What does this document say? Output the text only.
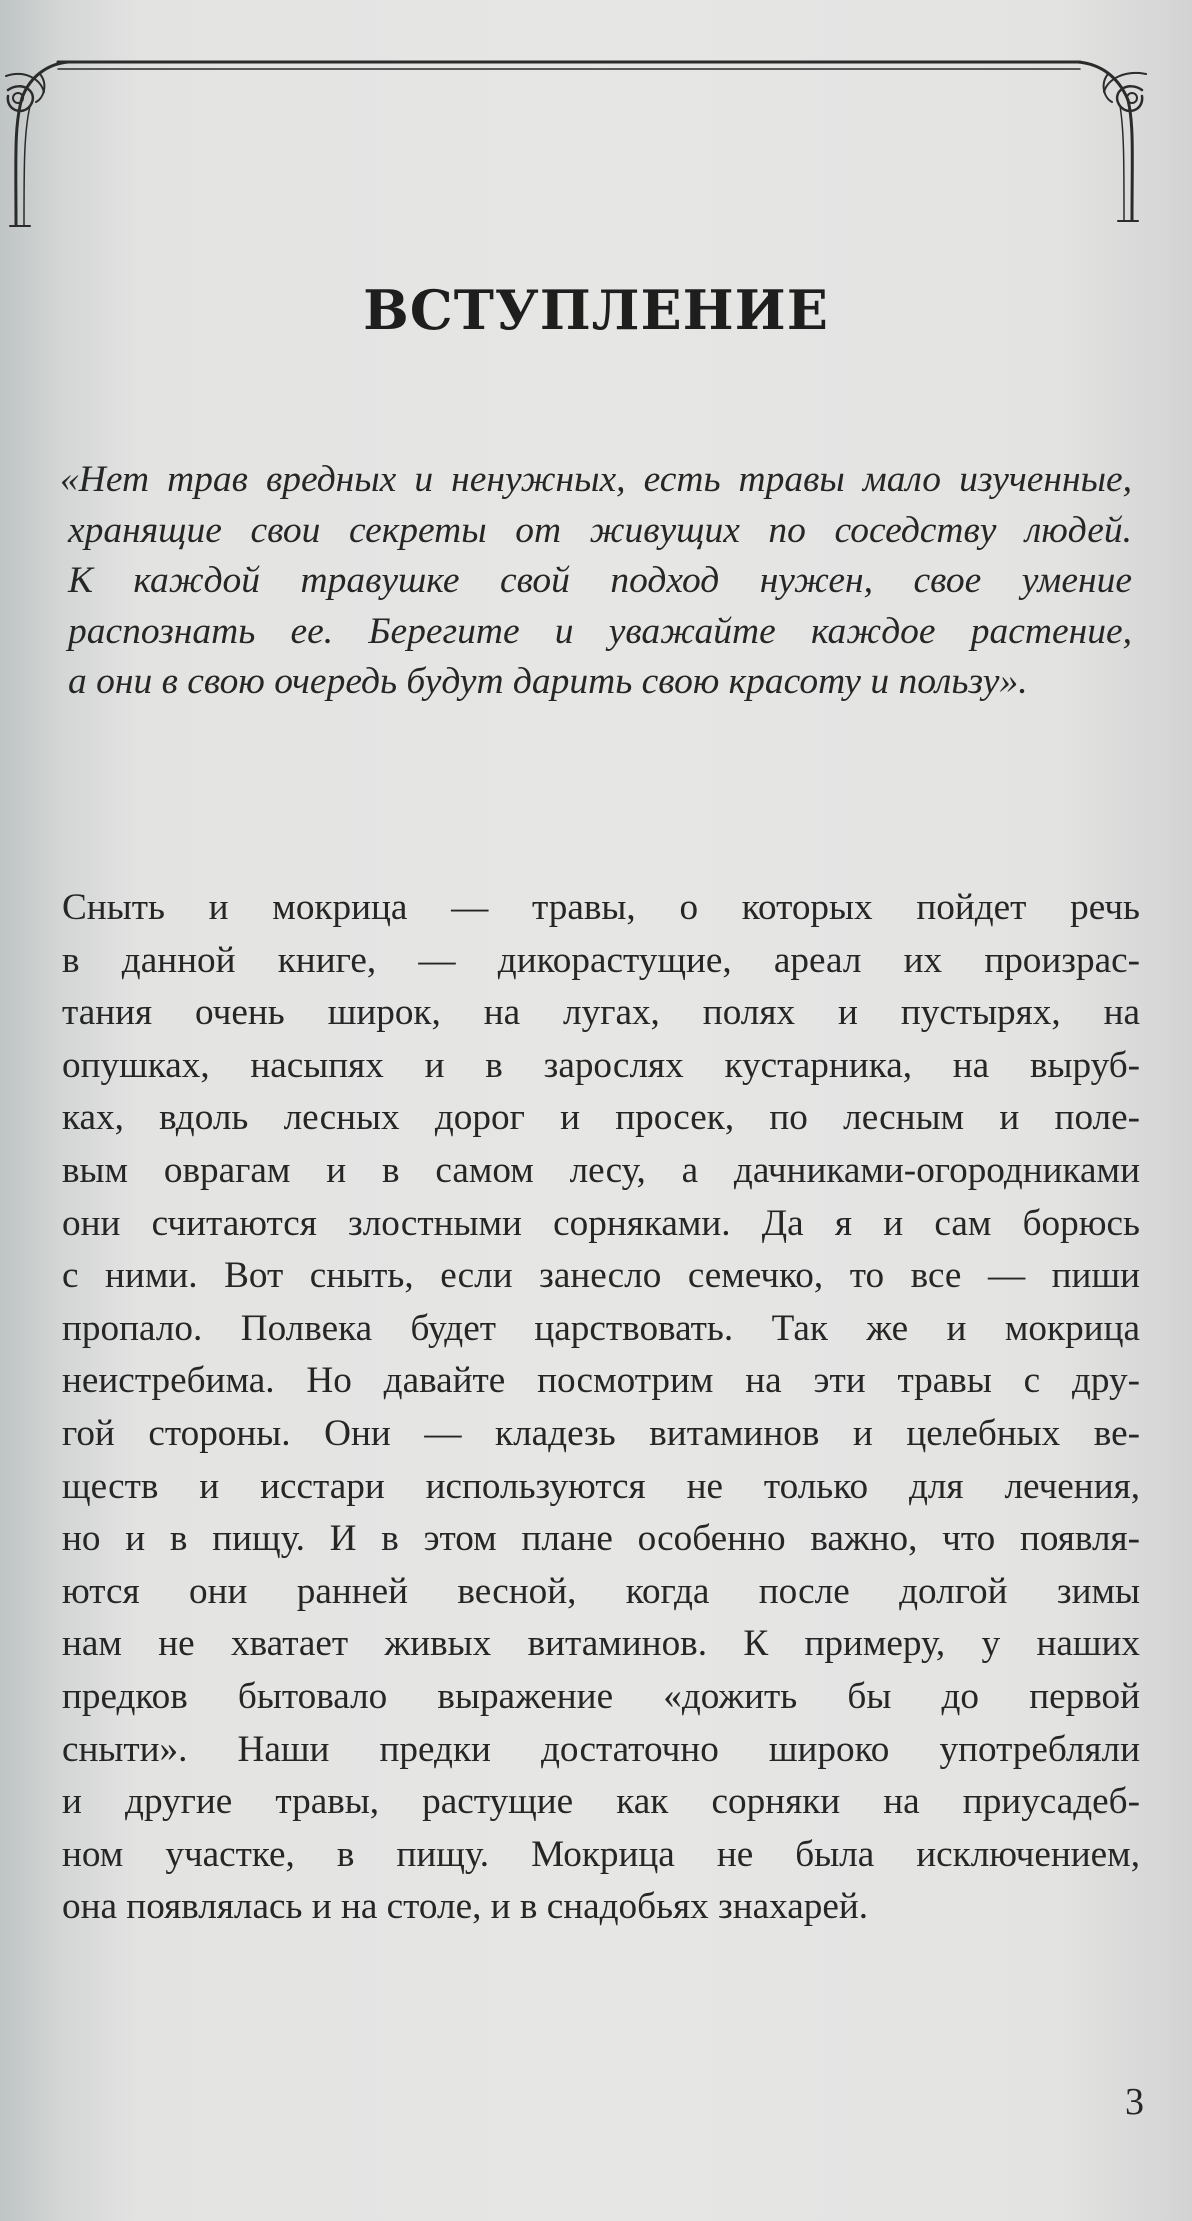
ВСТУПЛЕНИЕ

«Нет трав вредных и ненужных, есть травы мало изученные,
хранящие свои секреты от живущих по соседству людей.
К каждой травушке свой подход нужен, свое умение
распознать ее. Берегите и уважайте каждое растение,
а они в свою очередь будут дарить свою красоту и пользу».

Сныть и мокрица — травы, о которых пойдет речь
в данной книге, — дикорастущие, ареал их произрас-
тания очень широк, на лугах, полях и пустырях, на
опушках, насыпях и в зарослях кустарника, на выруб-
ках, вдоль лесных дорог и просек, по лесным и поле-
вым оврагам и в самом лесу, а дачниками-огородниками
они считаются злостными сорняками. Да я и сам борюсь
с ними. Вот сныть, если занесло семечко, то все — пиши
пропало. Полвека будет царствовать. Так же и мокрица
неистребима. Но давайте посмотрим на эти травы с дру-
гой стороны. Они — кладезь витаминов и целебных ве-
ществ и исстари используются не только для лечения,
но и в пищу. И в этом плане особенно важно, что появля-
ются они ранней весной, когда после долгой зимы
нам не хватает живых витаминов. К примеру, у наших
предков бытовало выражение «дожить бы до первой
сныти». Наши предки достаточно широко употребляли
и другие травы, растущие как сорняки на приусадеб-
ном участке, в пищу. Мокрица не была исключением,
она появлялась и на столе, и в снадобьях знахарей.

3
